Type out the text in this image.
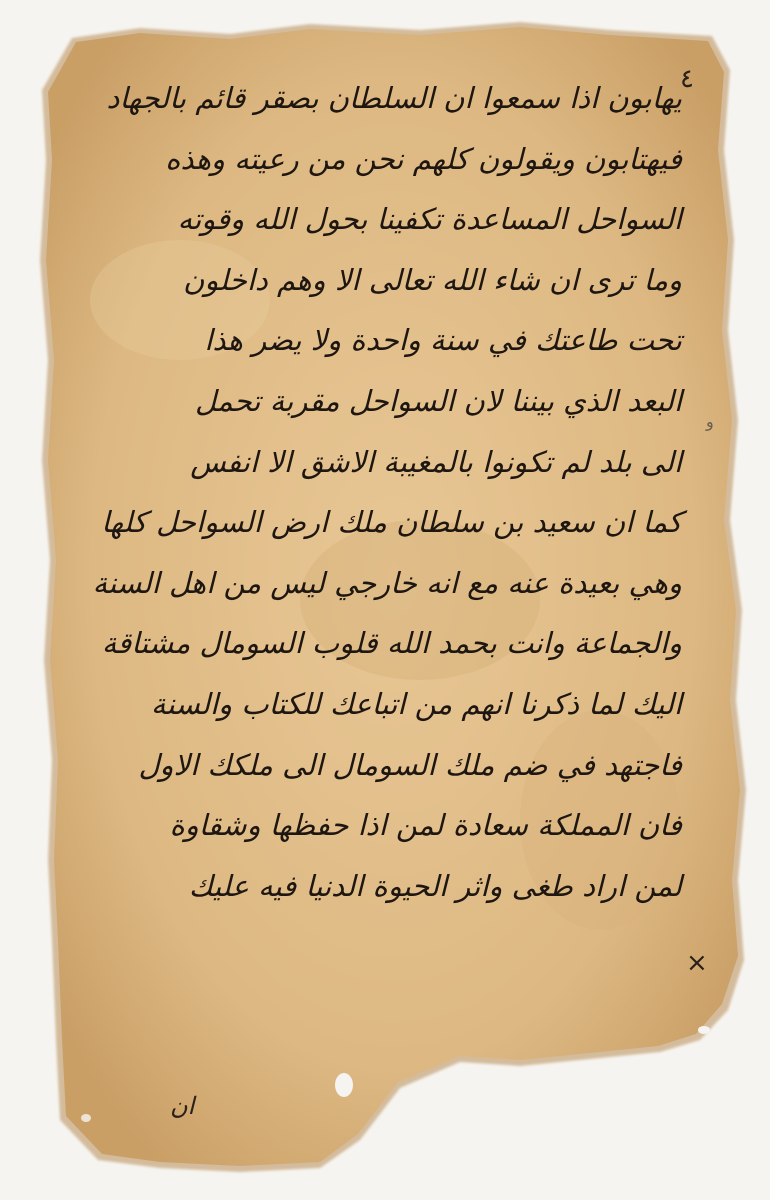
٤
يهابون اذا سمعوا ان السلطان بصقر قائم بالجهاد
فيهتابون ويقولون كلهم نحن من رعيته وهذه
السواحل المساعدة تكفينا بحول الله وقوته
وما ترى ان شاء الله تعالى الا وهم داخلون
تحت طاعتك في سنة واحدة ولا يضر هذا
البعد الذي بيننا لان السواحل مقربة تحمل
الى بلد لم تكونوا بالمغيبة الاشق الا انفس
كما ان سعيد بن سلطان ملك ارض السواحل كلها
وهي بعيدة عنه مع انه خارجي ليس من اهل السنة
والجماعة وانت بحمد الله قلوب السومال مشتاقة
اليك لما ذكرنا انهم من اتباعك للكتاب والسنة
فاجتهد في ضم ملك السومال الى ملكك الاول
فان المملكة سعادة لمن اذا حفظها وشقاوة
لمن اراد طغى واثر الحيوة الدنيا فيه عليك
ﻭ
×
ان
